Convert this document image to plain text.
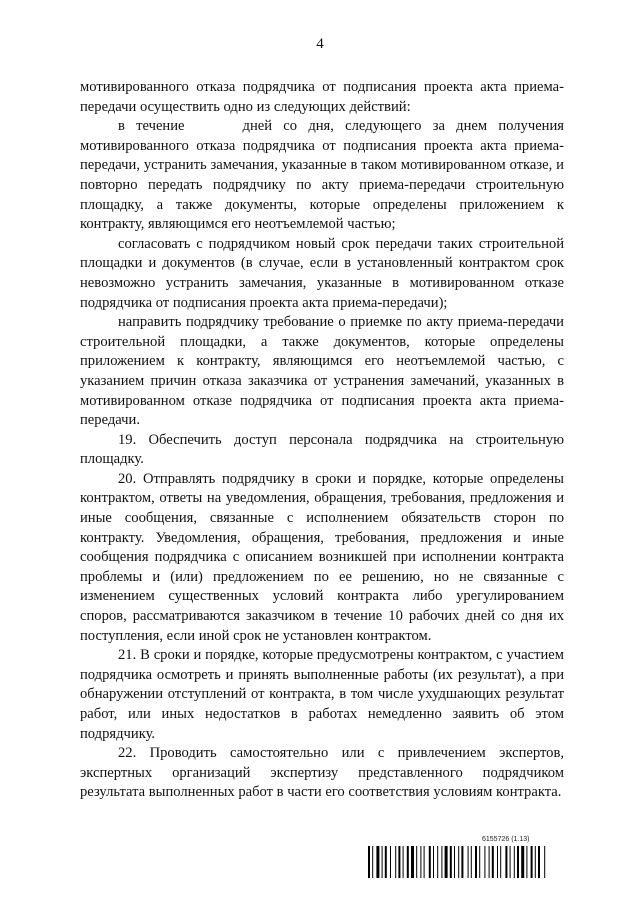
4

мотивированного отказа подрядчика от подписания проекта акта приема-передачи осуществить одно из следующих действий:

в течение	дней со дня, следующего за днем получения мотивированного отказа подрядчика от подписания проекта акта приема-передачи, устранить замечания, указанные в таком мотивированном отказе, и повторно передать подрядчику по акту приема-передачи строительную площадку, а также документы, которые определены приложением к контракту, являющимся его неотъемлемой частью;

согласовать с подрядчиком новый срок передачи таких строительной площадки и документов (в случае, если в установленный контрактом срок невозможно устранить замечания, указанные в мотивированном отказе подрядчика от подписания проекта акта приема-передачи);

направить подрядчику требование о приемке по акту приема-передачи строительной площадки, а также документов, которые определены приложением к контракту, являющимся его неотъемлемой частью, с указанием причин отказа заказчика от устранения замечаний, указанных в мотивированном отказе подрядчика от подписания проекта акта приема-передачи.

19. Обеспечить доступ персонала подрядчика на строительную площадку.

20. Отправлять подрядчику в сроки и порядке, которые определены контрактом, ответы на уведомления, обращения, требования, предложения и иные сообщения, связанные с исполнением обязательств сторон по контракту. Уведомления, обращения, требования, предложения и иные сообщения подрядчика с описанием возникшей при исполнении контракта проблемы и (или) предложением по ее решению, но не связанные с изменением существенных условий контракта либо урегулированием споров, рассматриваются заказчиком в течение 10 рабочих дней со дня их поступления, если иной срок не установлен контрактом.

21. В сроки и порядке, которые предусмотрены контрактом, с участием подрядчика осмотреть и принять выполненные работы (их результат), а при обнаружении отступлений от контракта, в том числе ухудшающих результат работ, или иных недостатков в работах немедленно заявить об этом подрядчику.

22. Проводить самостоятельно или с привлечением экспертов, экспертных организаций экспертизу представленного подрядчиком результата выполненных работ в части его соответствия условиям контракта.

6155726 (1.13)
